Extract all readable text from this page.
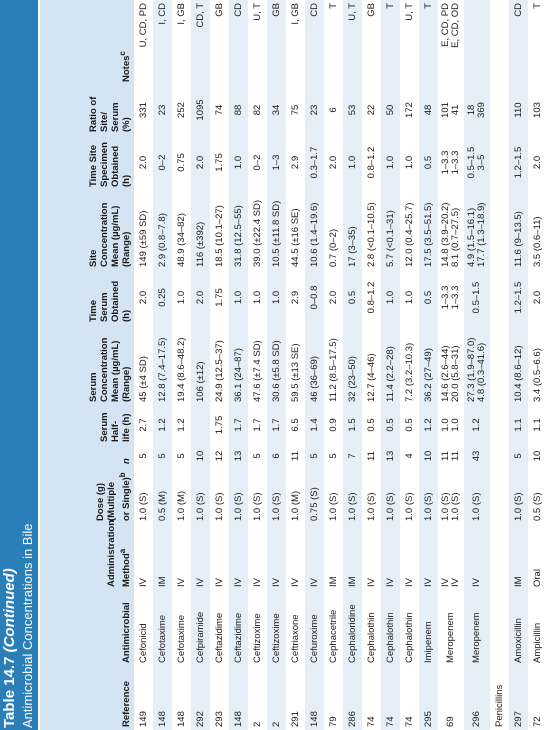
Table 14.7 (Continued) Antimicrobial Concentrations in Bile	Reference	Antimicrobial	Administration Method$^a$	Dose (g) (Multiple or Single)$^b$	n	Serum Half-life (h)	Serum Concentration Mean (µg/mL) (Range)	Time Serum Obtained (h)	Site Concentration Mean (µg/mL) (Range)	Time Site Specimen Obtained (h)	Ratio of Site/ Serum (%)	Notes$^c$
149	Cefonicid	IV	1.0 (S)	5	2.7	45 (±4 SD)	2.0	149 (±59 SD)	2.0	331	U, CD, PD
148	Cefotaxime	IM	0.5 (M)	5	1.2	12.8 (7.4–17.5)	0.25	2.9 (0.8–7.8)	0–2	23	I, CD
148	Cefotaxime	IV	1.0 (M)	5	1.2	19.4 (8.6–48.2)	1.0	48.9 (34–82)	0.75	252	I, GB
292	Cefpiramide	IV	1.0 (S)	10		106 (±12)	2.0	116 (±392)	2.0	1095	CD, T
293	Ceftazidime	IV	1.0 (S)	12	1.75	24.9 (12.5–37)	1.75	18.5 (10.1–27)	1.75	74	GB
148	Ceftazidime	IV	1.0 (S)	13	1.7	36.1 (24–87)	1.0	31.8 (12.5–55)	1.0	88	CD
2	Ceftizoxime	IV	1.0 (S)	5	1.7	47.6 (±7.4 SD)	1.0	39.0 (±22.4 SD)	0–2	82	U, T
2	Ceftizoxime	IV	1.0 (S)	6	1.7	30.6 (±5.8 SD)	1.0	10.5 (±11.8 SD)	1–3	34	GB
291	Ceftriaxone	IV	1.0 (M)	11	6.5	59.5 (±13 SE)	2.9	44.5 (±16 SE)	2.9	75	I, GB
148	Cefuroxime	IV	0.75 (S)	5	1.4	46 (36–69)	0–0.8	10.6 (1.4–19.6)	0.3–1.7	23	CD
79	Cephacetrile	IM	1.0 (S)	5	0.9	11.2 (8.5–17.5)	2.0	0.7 (0–2)	2.0	6	T
286	Cephaloridine	IM	1.0 (S)	7	1.5	32 (23–50)	0.5	17 (3–35)	1.0	53	U, T
74	Cephalothin	IV	1.0 (S)	11	0.5	12.7 (4–46)	0.8–1.2	2.8 (<0.1–10.5)	0.8–1.2	22	GB
74	Cephalothin	IV	1.0 (S)	13	0.5	11.4 (2.2–28)	1.0	5.7 (<0.1–31)	1.0	50	T
74	Cephalothin	IV	1.0 (S)	4	0.5	7.2 (3.2–10.3)	1.0	12.0 (0.4–25.7)	1.0	172	U, T
295	Imipenem	IV	1.0 (S)	10	1.2	36.2 (27–49)	0.5	17.5 (3.5–51.5)	0.5	48	T
69	Meropenem	IV IV	1.0 (S) 1.0 (S)	11 11	1.0 1.0	14.6 (2.6–44) 20.0 (5.8–31)	1–3.3 1–3.3	14.8 (3.9–20.2) 8.1 (0.7–27.5)	1–3.3 1–3.3	101 41	E, CD, PD E, CD, OD

296	Meropenem	IV	1.0 (S)	43	1.2	27.3 (1.9–87.0) 4.8 (0.3–41.6)	0.5–1.5	4.9 (1.5–16.1) 17.7 (1.3–18.9)	0.5–1.5 3–5	18 369	

Penicillins											
297	Amoxicillin	IM	1.0 (S)	5	1.1	10.4 (8.6–12)	1.2–1.5	11.6 (9–13.5)	1.2–1.5	110	CD
72	Ampicillin	Oral	0.5 (S)	10	1.1	3.4 (0.5–6.6)	2.0	3.5 (0.6–11)	2.0	103	T
